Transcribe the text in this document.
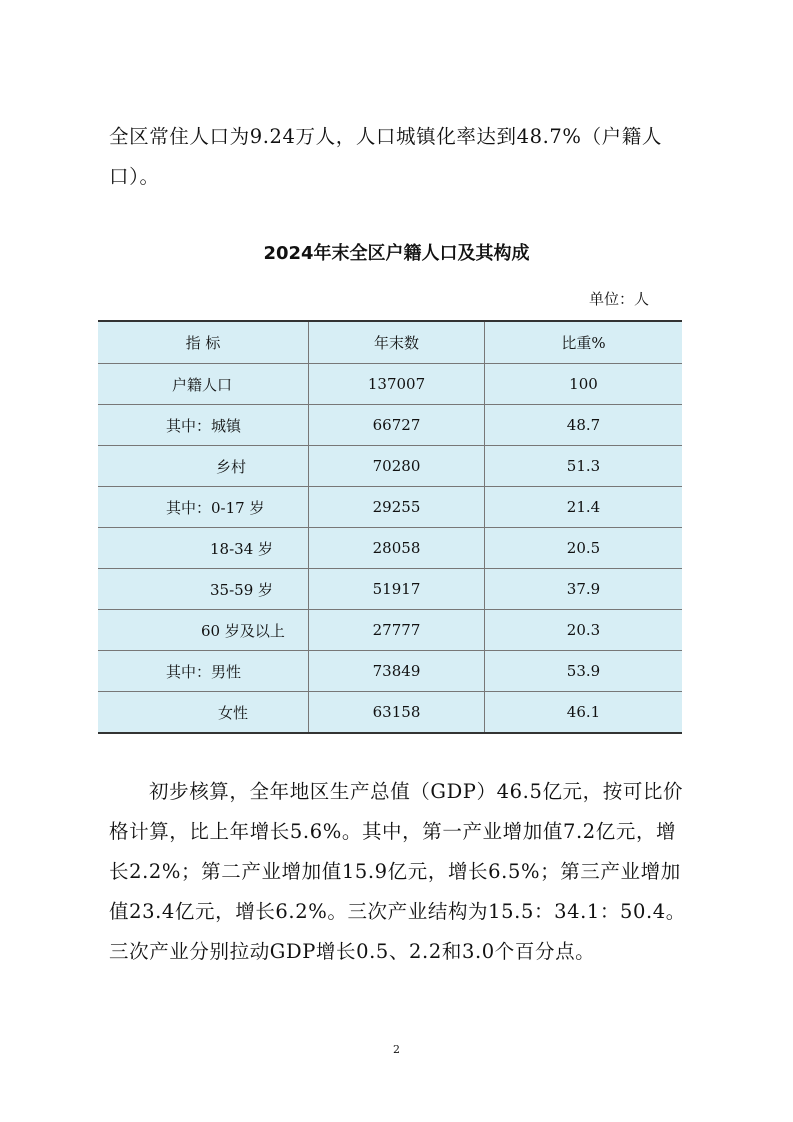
全区常住人口为9.24万人，人口城镇化率达到48.7%（户籍人口）。

2024年末全区户籍人口及其构成
单位：人
指 标	年末数	比重%
户籍人口	137007	100
其中：城镇	66727	48.7
乡村	70280	51.3
其中：0-17 岁	29255	21.4
18-34 岁	28058	20.5
35-59 岁	51917	37.9
60 岁及以上	27777	20.3
其中：男性	73849	53.9
女性	63158	46.1

初步核算，全年地区生产总值（GDP）46.5亿元，按可比价格计算，比上年增长5.6%。其中，第一产业增加值7.2亿元，增长2.2%；第二产业增加值15.9亿元，增长6.5%；第三产业增加值23.4亿元，增长6.2%。三次产业结构为15.5：34.1：50.4。三次产业分别拉动GDP增长0.5、2.2和3.0个百分点。

2
